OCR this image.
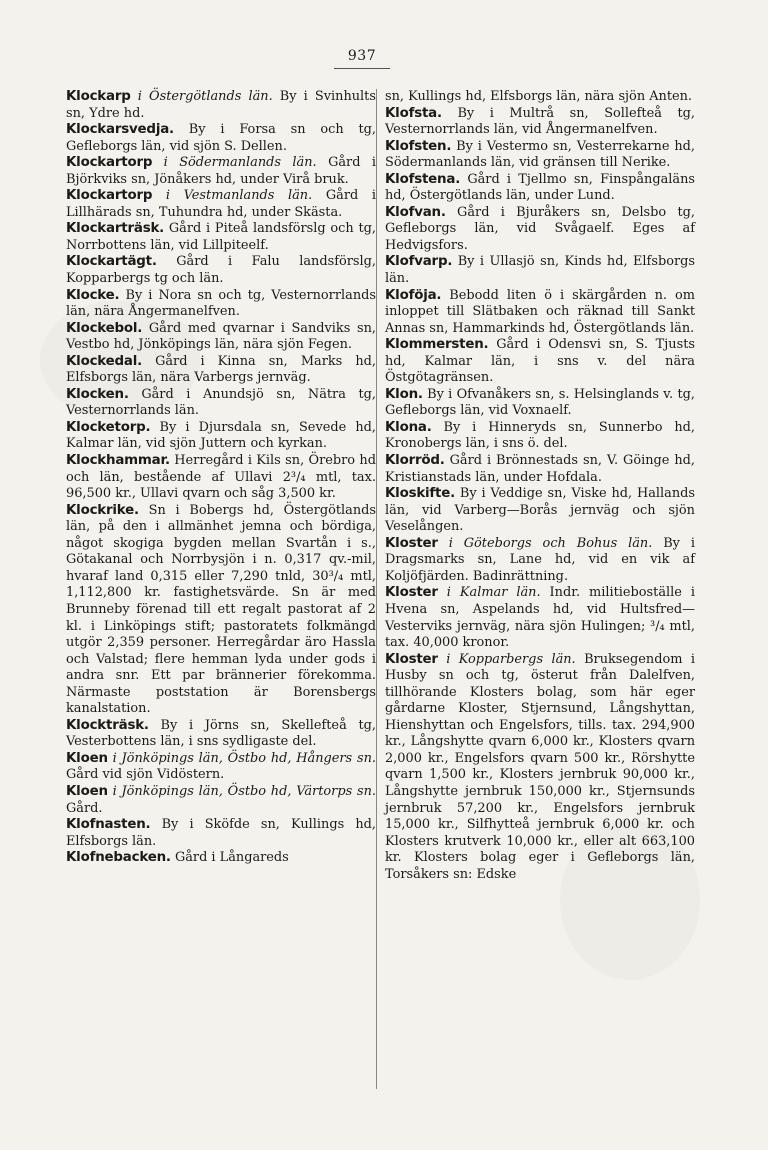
937

Klockarp i Östergötlands län. By i Svinhults sn, Ydre hd.

Klockarsvedja. By i Forsa sn och tg, Gefleborgs län, vid sjön S. Dellen.

Klockartorp i Södermanlands län. Gård i Björkviks sn, Jönåkers hd, under Virå bruk.

Klockartorp i Vestmanlands län. Gård i Lillhärads sn, Tuhundra hd, under Skästa.

Klockarträsk. Gård i Piteå landsförslg och tg, Norrbottens län, vid Lillpiteelf.

Klockartägt. Gård i Falu landsförslg, Kopparbergs tg och län.

Klocke. By i Nora sn och tg, Vesternorrlands län, nära Ångermanelfven.

Klockebol. Gård med qvarnar i Sandviks sn, Vestbo hd, Jönköpings län, nära sjön Fegen.

Klockedal. Gård i Kinna sn, Marks hd, Elfsborgs län, nära Varbergs jernväg.

Klocken. Gård i Anundsjö sn, Nätra tg, Vesternorrlands län.

Klocketorp. By i Djursdala sn, Sevede hd, Kalmar län, vid sjön Juttern och kyrkan.

Klockhammar. Herregård i Kils sn, Örebro hd och län, bestående af Ullavi 2³/₄ mtl, tax. 96,500 kr., Ullavi qvarn och såg 3,500 kr.

Klockrike. Sn i Bobergs hd, Östergötlands län, på den i allmänhet jemna och bördiga, något skogiga bygden mellan Svartån i s., Götakanal och Norrbysjön i n. 0,317 qv.-mil, hvaraf land 0,315 eller 7,290 tnld, 30³/₄ mtl, 1,112,800 kr. fastighetsvärde. Sn är med Brunneby förenad till ett regalt pastorat af 2 kl. i Linköpings stift; pastoratets folkmängd utgör 2,359 personer. Herregårdar äro Hassla och Valstad; flere hemman lyda under gods i andra snr. Ett par brännerier förekomma. Närmaste poststation är Borensbergs kanalstation.

Klockträsk. By i Jörns sn, Skellefteå tg, Vesterbottens län, i sns sydligaste del.

Kloen i Jönköpings län, Östbo hd, Hångers sn. Gård vid sjön Vidöstern.

Kloen i Jönköpings län, Östbo hd, Värtorps sn. Gård.

Klofnasten. By i Sköfde sn, Kullings hd, Elfsborgs län.

Klofnebacken. Gård i Långareds

sn, Kullings hd, Elfsborgs län, nära sjön Anten.

Klofsta. By i Multrå sn, Sollefteå tg, Vesternorrlands län, vid Ångermanelfven.

Klofsten. By i Vestermo sn, Vesterrekarne hd, Södermanlands län, vid gränsen till Nerike.

Klofstena. Gård i Tjellmo sn, Finspångaläns hd, Östergötlands län, under Lund.

Klofvan. Gård i Bjuråkers sn, Delsbo tg, Gefleborgs län, vid Svågaelf. Eges af Hedvigsfors.

Klofvarp. By i Ullasjö sn, Kinds hd, Elfsborgs län.

Kloföja. Bebodd liten ö i skärgården n. om inloppet till Slätbaken och räknad till Sankt Annas sn, Hammarkinds hd, Östergötlands län.

Klommersten. Gård i Odensvi sn, S. Tjusts hd, Kalmar län, i sns v. del nära Östgötagränsen.

Klon. By i Ofvanåkers sn, s. Helsinglands v. tg, Gefleborgs län, vid Voxnaelf.

Klona. By i Hinneryds sn, Sunnerbo hd, Kronobergs län, i sns ö. del.

Klorröd. Gård i Brönnestads sn, V. Göinge hd, Kristianstads län, under Hofdala.

Kloskifte. By i Veddige sn, Viske hd, Hallands län, vid Varberg—Borås jernväg och sjön Veselången.

Kloster i Göteborgs och Bohus län. By i Dragsmarks sn, Lane hd, vid en vik af Koljöfjärden. Badinrättning.

Kloster i Kalmar län. Indr. militieboställe i Hvena sn, Aspelands hd, vid Hultsfred—Vesterviks jernväg, nära sjön Hulingen; ³/₄ mtl, tax. 40,000 kronor.

Kloster i Kopparbergs län. Bruksegendom i Husby sn och tg, österut från Dalelfven, tillhörande Klosters bolag, som här eger gårdarne Kloster, Stjernsund, Långshyttan, Hienshyttan och Engelsfors, tills. tax. 294,900 kr., Långshytte qvarn 6,000 kr., Klosters qvarn 2,000 kr., Engelsfors qvarn 500 kr., Rörshytte qvarn 1,500 kr., Klosters jernbruk 90,000 kr., Långshytte jernbruk 150,000 kr., Stjernsunds jernbruk 57,200 kr., Engelsfors jernbruk 15,000 kr., Silfhytteå jernbruk 6,000 kr. och Klosters krutverk 10,000 kr., eller alt 663,100 kr. Klosters bolag eger i Gefleborgs län, Torsåkers sn: Edske
